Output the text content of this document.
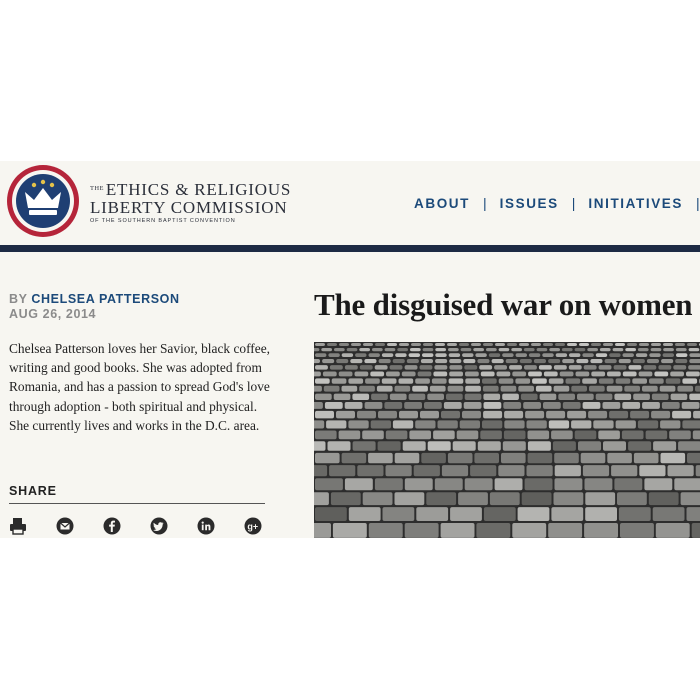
$^{THE}$ ETHICS & RELIGIOUS
LIBERTY COMMISSION
OF THE SOUTHERN BAPTIST CONVENTION
ABOUT | ISSUES | INITIATIVES |
BY CHELSEA PATTERSON
AUG 26, 2014

Chelsea Patterson loves her Savior, black coffee, writing and good books. She was adopted from Romania, and has a passion to spread God's love through adoption - both spiritual and physical. She currently lives and works in the D.C. area.

SHARE
g+
The disguised war on women
